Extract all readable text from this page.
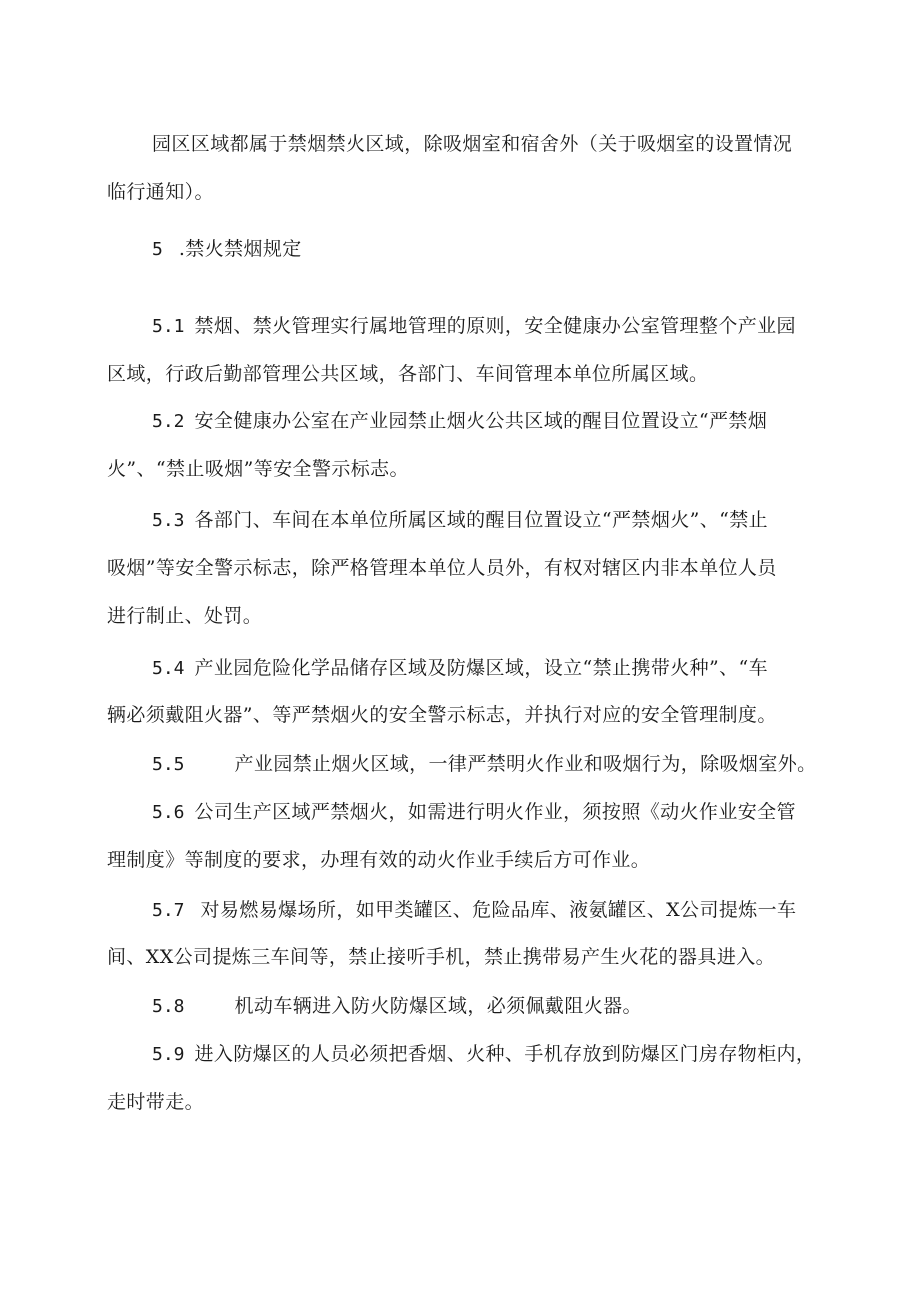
园区区域都属于禁烟禁火区域，除吸烟室和宿舍外（关于吸烟室的设置情况
临行通知）。
5 .禁火禁烟规定
5.1 禁烟、禁火管理实行属地管理的原则，安全健康办公室管理整个产业园
区域，行政后勤部管理公共区域，各部门、车间管理本单位所属区域。
5.2 安全健康办公室在产业园禁止烟火公共区域的醒目位置设立“严禁烟
火”、“禁止吸烟”等安全警示标志。
5.3 各部门、车间在本单位所属区域的醒目位置设立“严禁烟火”、“禁止
吸烟”等安全警示标志，除严格管理本单位人员外，有权对辖区内非本单位人员
进行制止、处罚。
5.4 产业园危险化学品储存区域及防爆区域，设立“禁止携带火种”、“车
辆必须戴阻火器”、等严禁烟火的安全警示标志，并执行对应的安全管理制度。
5.5	产业园禁止烟火区域，一律严禁明火作业和吸烟行为，除吸烟室外。
5.6 公司生产区域严禁烟火，如需进行明火作业，须按照《动火作业安全管
理制度》等制度的要求，办理有效的动火作业手续后方可作业。
5.7 对易燃易爆场所，如甲类罐区、危险品库、液氨罐区、X公司提炼一车
间、XX公司提炼三车间等，禁止接听手机，禁止携带易产生火花的器具进入。
5.8	机动车辆进入防火防爆区域，必须佩戴阻火器。
5.9 进入防爆区的人员必须把香烟、火种、手机存放到防爆区门房存物柜内，
走时带走。
